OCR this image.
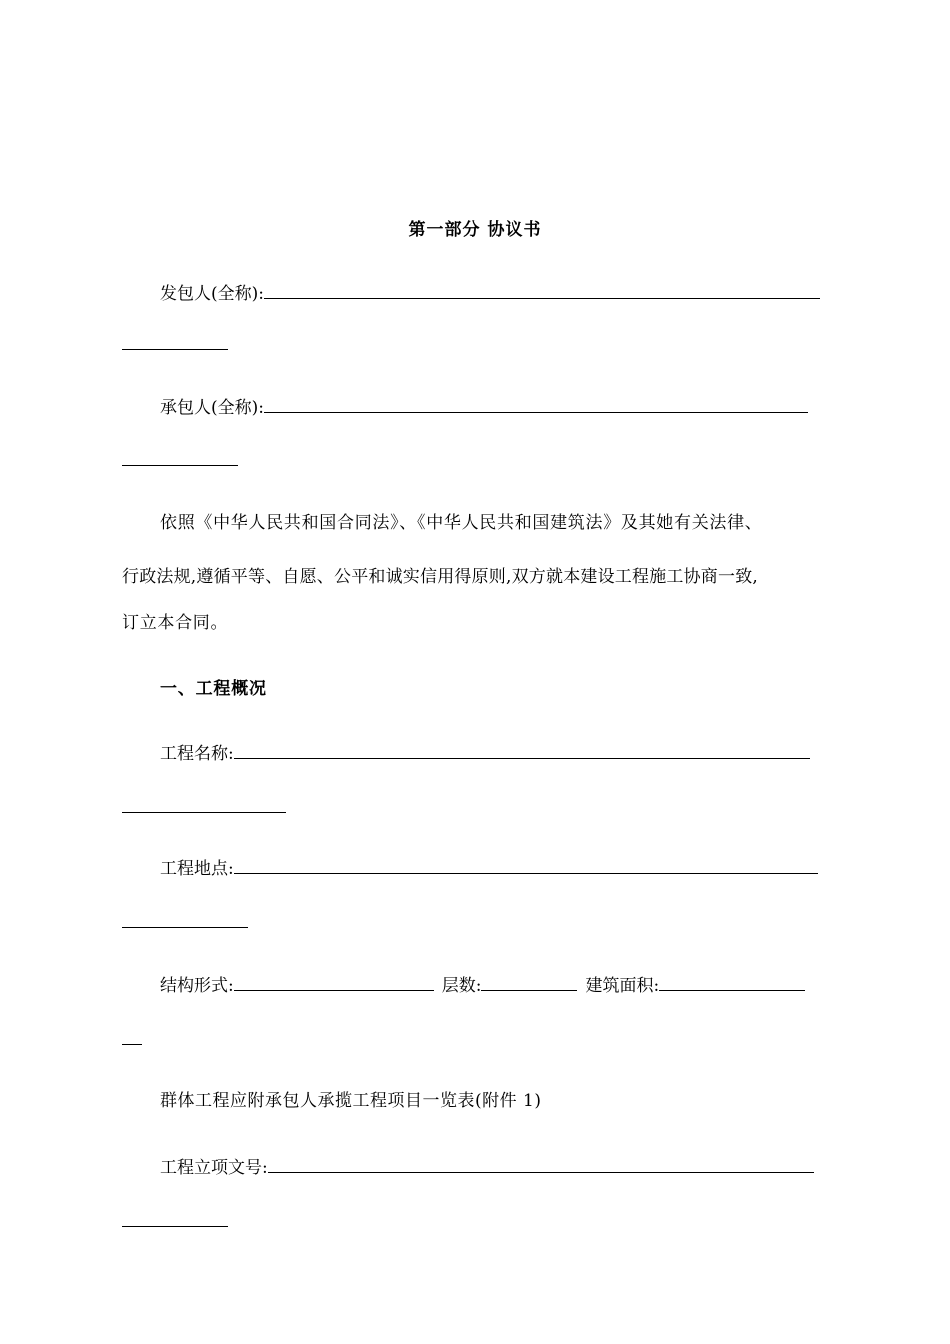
第一部分 协议书
发包人(全称):
承包人(全称):
依照《中华人民共和国合同法》、《中华人民共和国建筑法》及其她有关法律、
行政法规,遵循平等、自愿、公平和诚实信用得原则,双方就本建设工程施工协商一致,
订立本合同。
一、工程概况
工程名称:
工程地点:
结构形式:	层数:	建筑面积:
群体工程应附承包人承揽工程项目一览表(附件 1)
工程立项文号:
